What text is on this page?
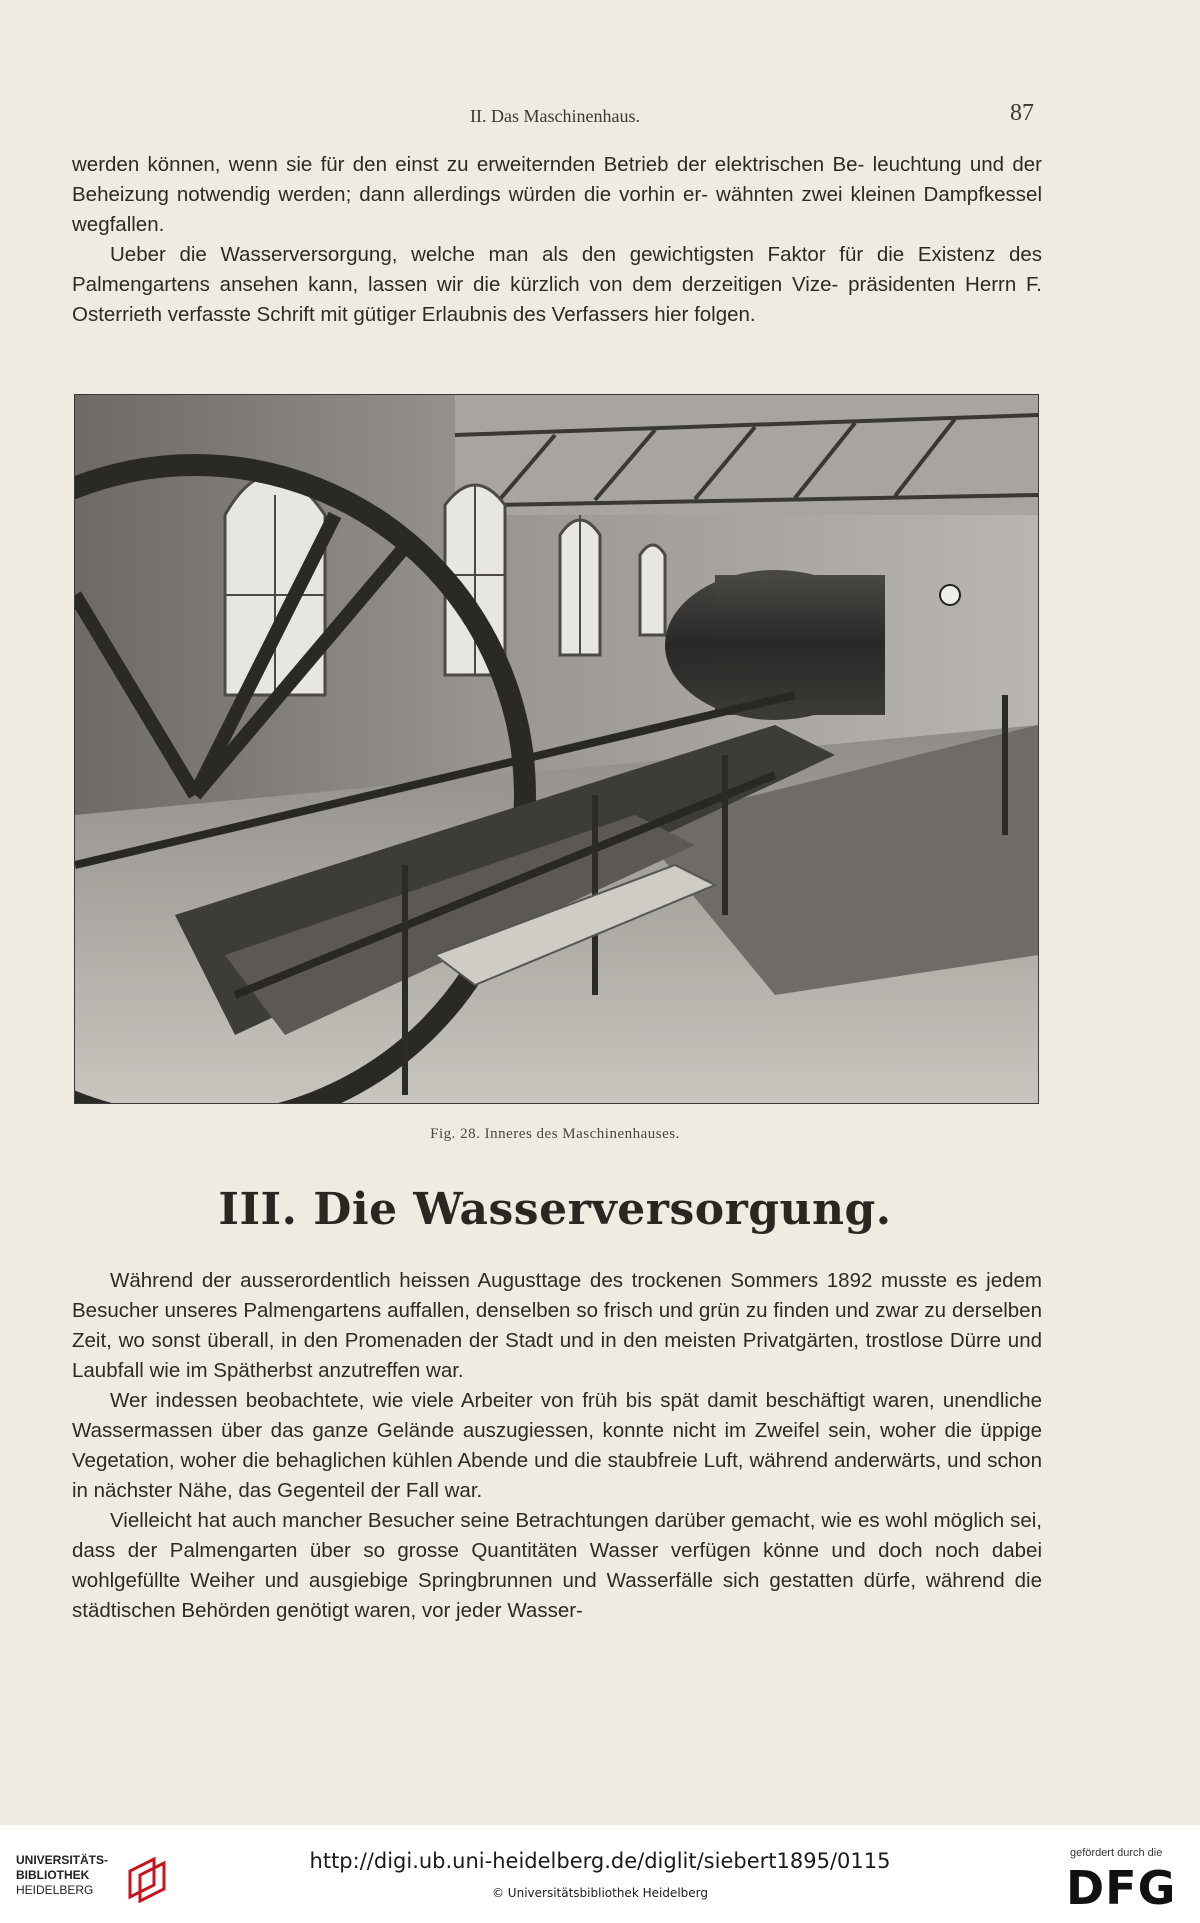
II. Das Maschinenhaus.	87

werden können, wenn sie für den einst zu erweiternden Betrieb der elektrischen Be- leuchtung und der Beheizung notwendig werden; dann allerdings würden die vorhin er- wähnten zwei kleinen Dampfkessel wegfallen.

Ueber die Wasserversorgung, welche man als den gewichtigsten Faktor für die Existenz des Palmengartens ansehen kann, lassen wir die kürzlich von dem derzeitigen Vize- präsidenten Herrn F. Osterrieth verfasste Schrift mit gütiger Erlaubnis des Verfassers hier folgen.

Fig. 28. Inneres des Maschinenhauses.
III. Die Wasserversorgung.

Während der ausserordentlich heissen Augusttage des trockenen Sommers 1892 musste es jedem Besucher unseres Palmengartens auffallen, denselben so frisch und grün zu finden und zwar zu derselben Zeit, wo sonst überall, in den Promenaden der Stadt und in den meisten Privatgärten, trostlose Dürre und Laubfall wie im Spätherbst anzutreffen war.

Wer indessen beobachtete, wie viele Arbeiter von früh bis spät damit beschäftigt waren, unendliche Wassermassen über das ganze Gelände auszugiessen, konnte nicht im Zweifel sein, woher die üppige Vegetation, woher die behaglichen kühlen Abende und die staubfreie Luft, während anderwärts, und schon in nächster Nähe, das Gegenteil der Fall war.

Vielleicht hat auch mancher Besucher seine Betrachtungen darüber gemacht, wie es wohl möglich sei, dass der Palmengarten über so grosse Quantitäten Wasser verfügen könne und doch noch dabei wohlgefüllte Weiher und ausgiebige Springbrunnen und Wasserfälle sich gestatten dürfe, während die städtischen Behörden genötigt waren, vor jeder Wasser-

UNIVERSITÄTS-
BIBLIOTHEK
HEIDELBERG
http://digi.ub.uni-heidelberg.de/diglit/siebert1895/0115
© Universitätsbibliothek Heidelberg
gefördert durch die
DFG
